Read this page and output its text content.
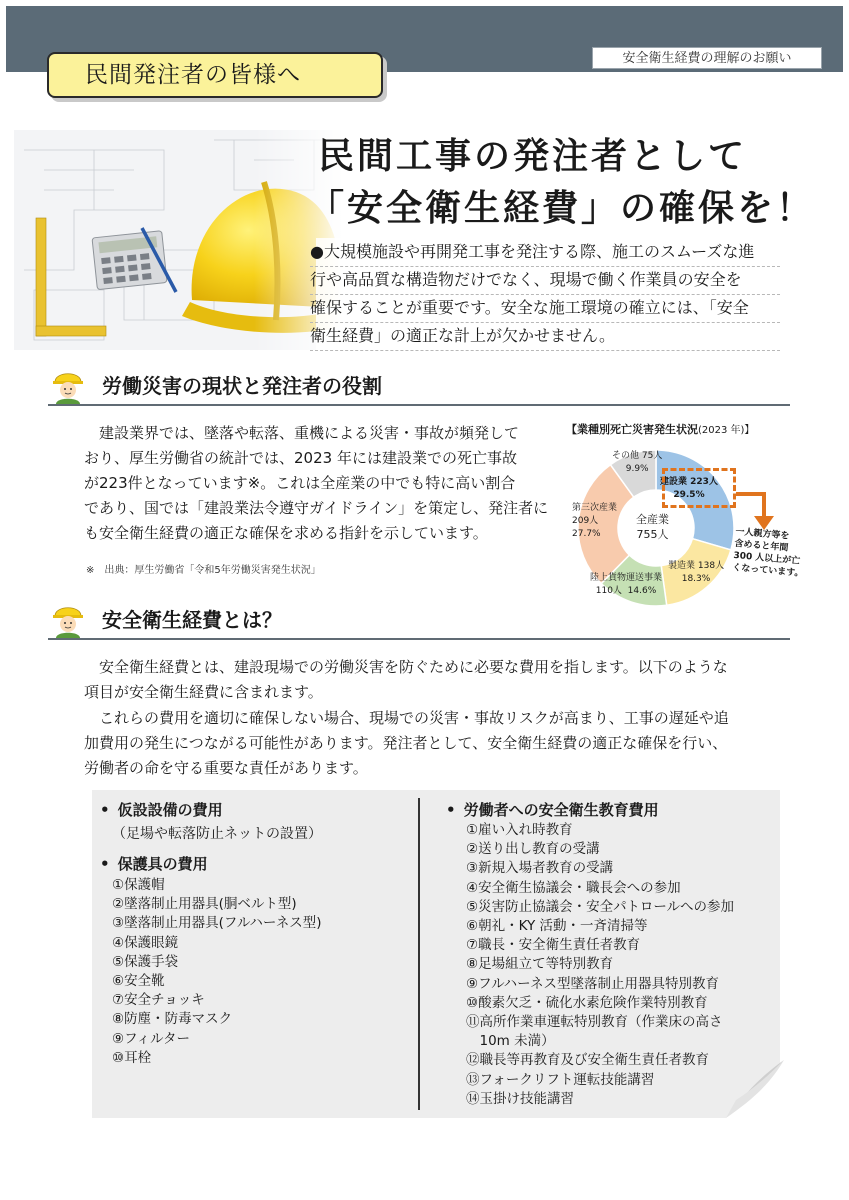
安全衛生経費の理解のお願い
民間発注者の皆様へ
民間工事の発注者として
「安全衛生経費」の確保を！
●大規模施設や再開発工事を発注する際、施工のスムーズな進
行や高品質な構造物だけでなく、現場で働く作業員の安全を
確保することが重要です。安全な施工環境の確立には、「安全
衛生経費」の適正な計上が欠かせません。
労働災害の現状と発注者の役割
　建設業界では、墜落や転落、重機による災害・事故が頻発して
おり、厚生労働省の統計では、2023 年には建設業での死亡事故
が223件となっています※。これは全産業の中でも特に高い割合
であり、国では「建設業法令遵守ガイドライン」を策定し、発注者に
も安全衛生経費の適正な確保を求める指針を示しています。
※　出典：厚生労働省「令和5年労働災害発生状況」
【業種別死亡災害発生状況(2023 年)】
建設業 223人
29.5%
製造業 138人
18.3%
陸上貨物運送事業
110人 14.6%
第三次産業
209人
27.7%
その他 75人
9.9%
全産業
755人	一人親方等を
含めると年間
300 人以上が亡
くなっています。
安全衛生経費とは？
　安全衛生経費とは、建設現場での労働災害を防ぐために必要な費用を指します。以下のような
項目が安全衛生経費に含まれます。
　これらの費用を適切に確保しない場合、現場での災害・事故リスクが高まり、工事の遅延や追
加費用の発生につながる可能性があります。発注者として、安全衛生経費の適正な確保を行い、
労働者の命を守る重要な責任があります。
• 仮設設備の費用
（足場や転落防止ネットの設置）
• 保護具の費用
①保護帽
②墜落制止用器具(胴ベルト型)
③墜落制止用器具(フルハーネス型)
④保護眼鏡
⑤保護手袋
⑥安全靴
⑦安全チョッキ
⑧防塵・防毒マスク
⑨フィルター
⑩耳栓
• 労働者への安全衛生教育費用
①雇い入れ時教育
②送り出し教育の受講
③新規入場者教育の受講
④安全衛生協議会・職長会への参加
⑤災害防止協議会・安全パトロールへの参加
⑥朝礼・KY 活動・一斉清掃等
⑦職長・安全衛生責任者教育
⑧足場組立て等特別教育
⑨フルハーネス型墜落制止用器具特別教育
⑩酸素欠乏・硫化水素危険作業特別教育
⑪高所作業車運転特別教育（作業床の高さ
　10m 未満）
⑫職長等再教育及び安全衛生責任者教育
⑬フォークリフト運転技能講習
⑭玉掛け技能講習
